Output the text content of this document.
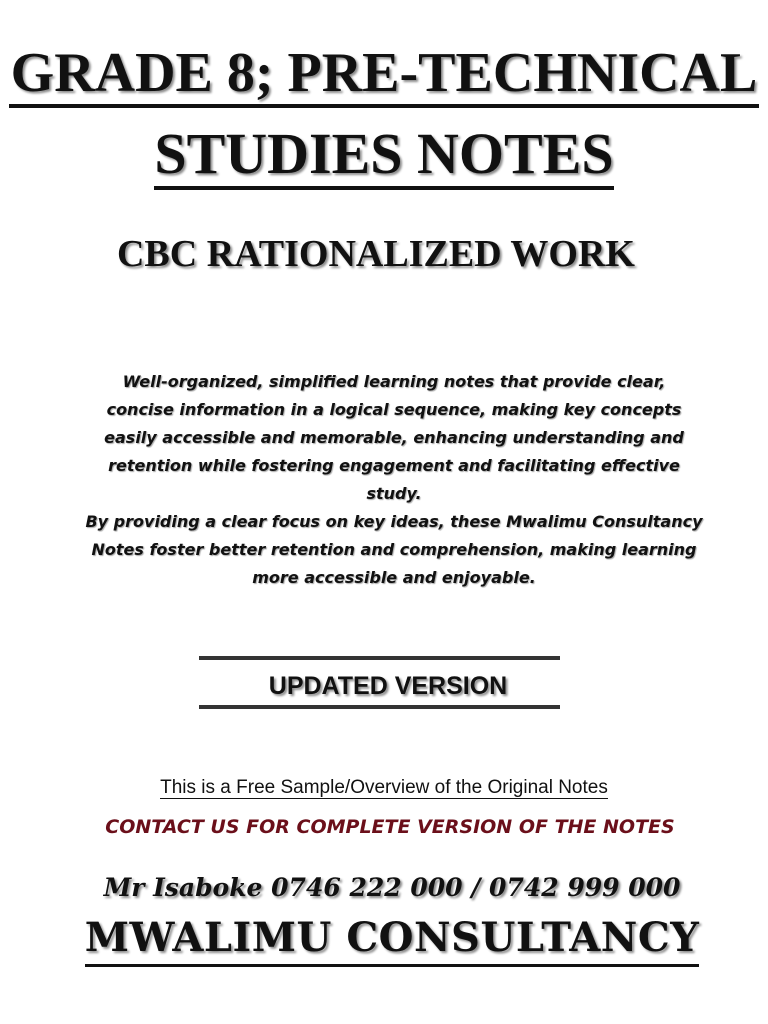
GRADE 8; PRE-TECHNICAL
STUDIES NOTES
CBC RATIONALIZED WORK
Well-organized, simplified learning notes that provide clear, concise information in a logical sequence, making key concepts easily accessible and memorable, enhancing understanding and retention while fostering engagement and facilitating effective study.
By providing a clear focus on key ideas, these Mwalimu Consultancy Notes foster better retention and comprehension, making learning more accessible and enjoyable.
UPDATED VERSION
This is a Free Sample/Overview of the Original Notes
CONTACT US FOR COMPLETE VERSION OF THE NOTES
Mr Isaboke 0746 222 000 / 0742 999 000
MWALIMU CONSULTANCY
